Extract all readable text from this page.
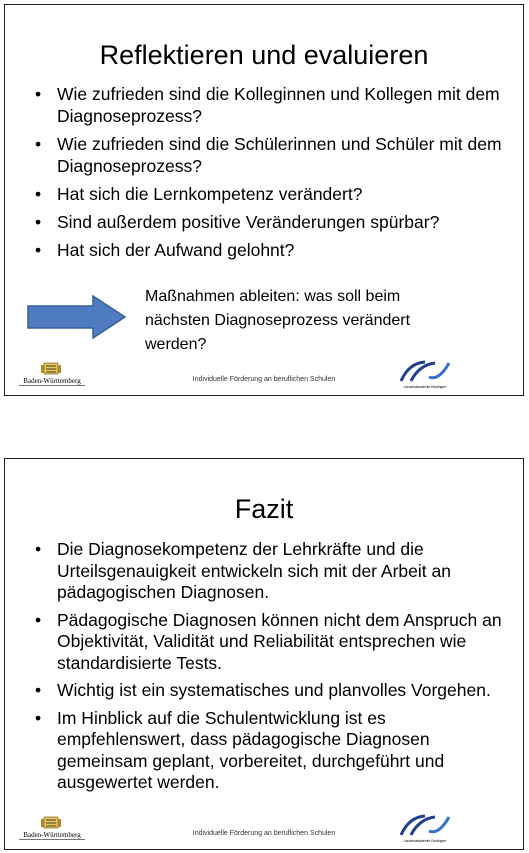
Reflektieren und evaluieren
• Wie zufrieden sind die Kolleginnen und Kollegen mit dem Diagnoseprozess?
• Wie zufrieden sind die Schülerinnen und Schüler mit dem Diagnoseprozess?
• Hat sich die Lernkompetenz verändert?
• Sind außerdem positive Veränderungen spürbar?
• Hat sich der Aufwand gelohnt?
Maßnahmen ableiten: was soll beim nächsten Diagnoseprozess verändert werden?
Baden-Württemberg	Individuelle Förderung an beruflichen Schulen
Landesakademie Esslingen
Fazit
• Die Diagnosekompetenz der Lehrkräfte und die Urteilsgenauigkeit entwickeln sich mit der Arbeit an pädagogischen Diagnosen.
• Pädagogische Diagnosen können nicht dem Anspruch an Objektivität, Validität und Reliabilität entsprechen wie standardisierte Tests.
• Wichtig ist ein systematisches und planvolles Vorgehen.
• Im Hinblick auf die Schulentwicklung ist es empfehlenswert, dass pädagogische Diagnosen gemeinsam geplant, vorbereitet, durchgeführt und ausgewertet werden.
Baden-Württemberg	Individuelle Förderung an beruflichen Schulen
Landesakademie Esslingen
